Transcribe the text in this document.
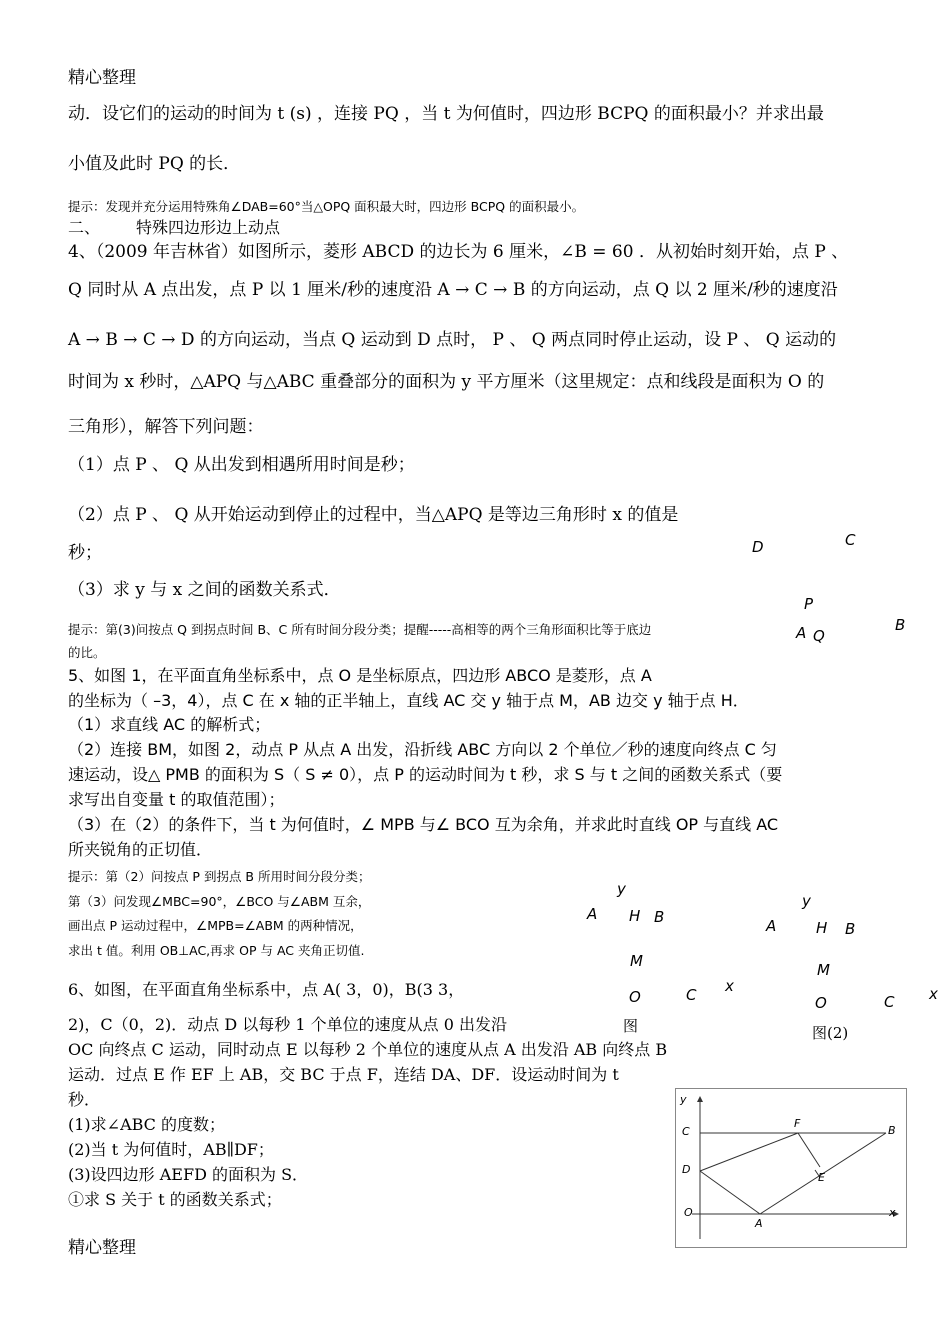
精心整理
动．设它们的运动的时间为 t (s) ，连接 PQ ，当 t 为何值时，四边形 BCPQ 的面积最小？并求出最
小值及此时 PQ 的长．
提示：发现并充分运用特殊角∠DAB=60°当△OPQ 面积最大时，四边形 BCPQ 的面积最小。
二、 特殊四边形边上动点
4、（2009 年吉林省）如图所示，菱形 ABCD 的边长为 6 厘米，∠B = 60 ．从初始时刻开始，点 P 、
Q 同时从 A 点出发，点 P 以 1 厘米/秒的速度沿 A → C → B 的方向运动，点 Q 以 2 厘米/秒的速度沿
A → B → C → D 的方向运动，当点 Q 运动到 D 点时， P 、 Q 两点同时停止运动，设 P 、 Q 运动的
时间为 x 秒时，△APQ 与△ABC 重叠部分的面积为 y 平方厘米（这里规定：点和线段是面积为 O 的
三角形），解答下列问题：
（1）点 P 、 Q 从出发到相遇所用时间是秒；
（2）点 P 、 Q 从开始运动到停止的过程中，当△APQ 是等边三角形时 x 的值是
秒；
（3）求 y 与 x 之间的函数关系式．
提示：第(3)问按点 Q 到拐点时间 B、C 所有时间分段分类；提醒-----高相等的两个三角形面积比等于底边
的比。
D	C
P
A Q
B
5、如图 1，在平面直角坐标系中，点 O 是坐标原点，四边形 ABCO 是菱形，点 A
的坐标为（ –3，4），点 C 在 x 轴的正半轴上，直线 AC 交 y 轴于点 M，AB 边交 y 轴于点 H．
（1）求直线 AC 的解析式；
（2）连接 BM，如图 2，动点 P 从点 A 出发，沿折线 ABC 方向以 2 个单位／秒的速度向终点 C 匀
速运动，设△ PMB 的面积为 S（ S ≠ 0），点 P 的运动时间为 t 秒，求 S 与 t 之间的函数关系式（要
求写出自变量 t 的取值范围）；
（3）在（2）的条件下，当 t 为何值时，∠ MPB 与∠ BCO 互为余角，并求此时直线 OP 与直线 AC
所夹锐角的正切值．
提示：第（2）问按点 P 到拐点 B 所用时间分段分类；
第（3）问发现∠MBC=90°，∠BCO 与∠ABM 互余，
画出点 P 运动过程中，∠MPB=∠ABM 的两种情况，
求出 t 值。利用 OB⊥AC,再求 OP 与 AC 夹角正切值.
y
A H B
M
O	C x
图
y
A	H B
M
O	C x
图(2)
6、如图，在平面直角坐标系中，点 A( 3，0)，B(3 3，
2)，C（0，2)．动点 D 以每秒 1 个单位的速度从点 0 出发沿
OC 向终点 C 运动，同时动点 E 以每秒 2 个单位的速度从点 A 出发沿 AB 向终点 B
运动．过点 E 作 EF 上 AB，交 BC 于点 F，连结 DA、DF．设运动时间为 t
秒．
(1)求∠ABC 的度数；
(2)当 t 为何值时，AB∥DF；
(3)设四边形 AEFD 的面积为 S．
①求 S 关于 t 的函数关系式；
y
C
F
B
D
E
O
A
x
精心整理
